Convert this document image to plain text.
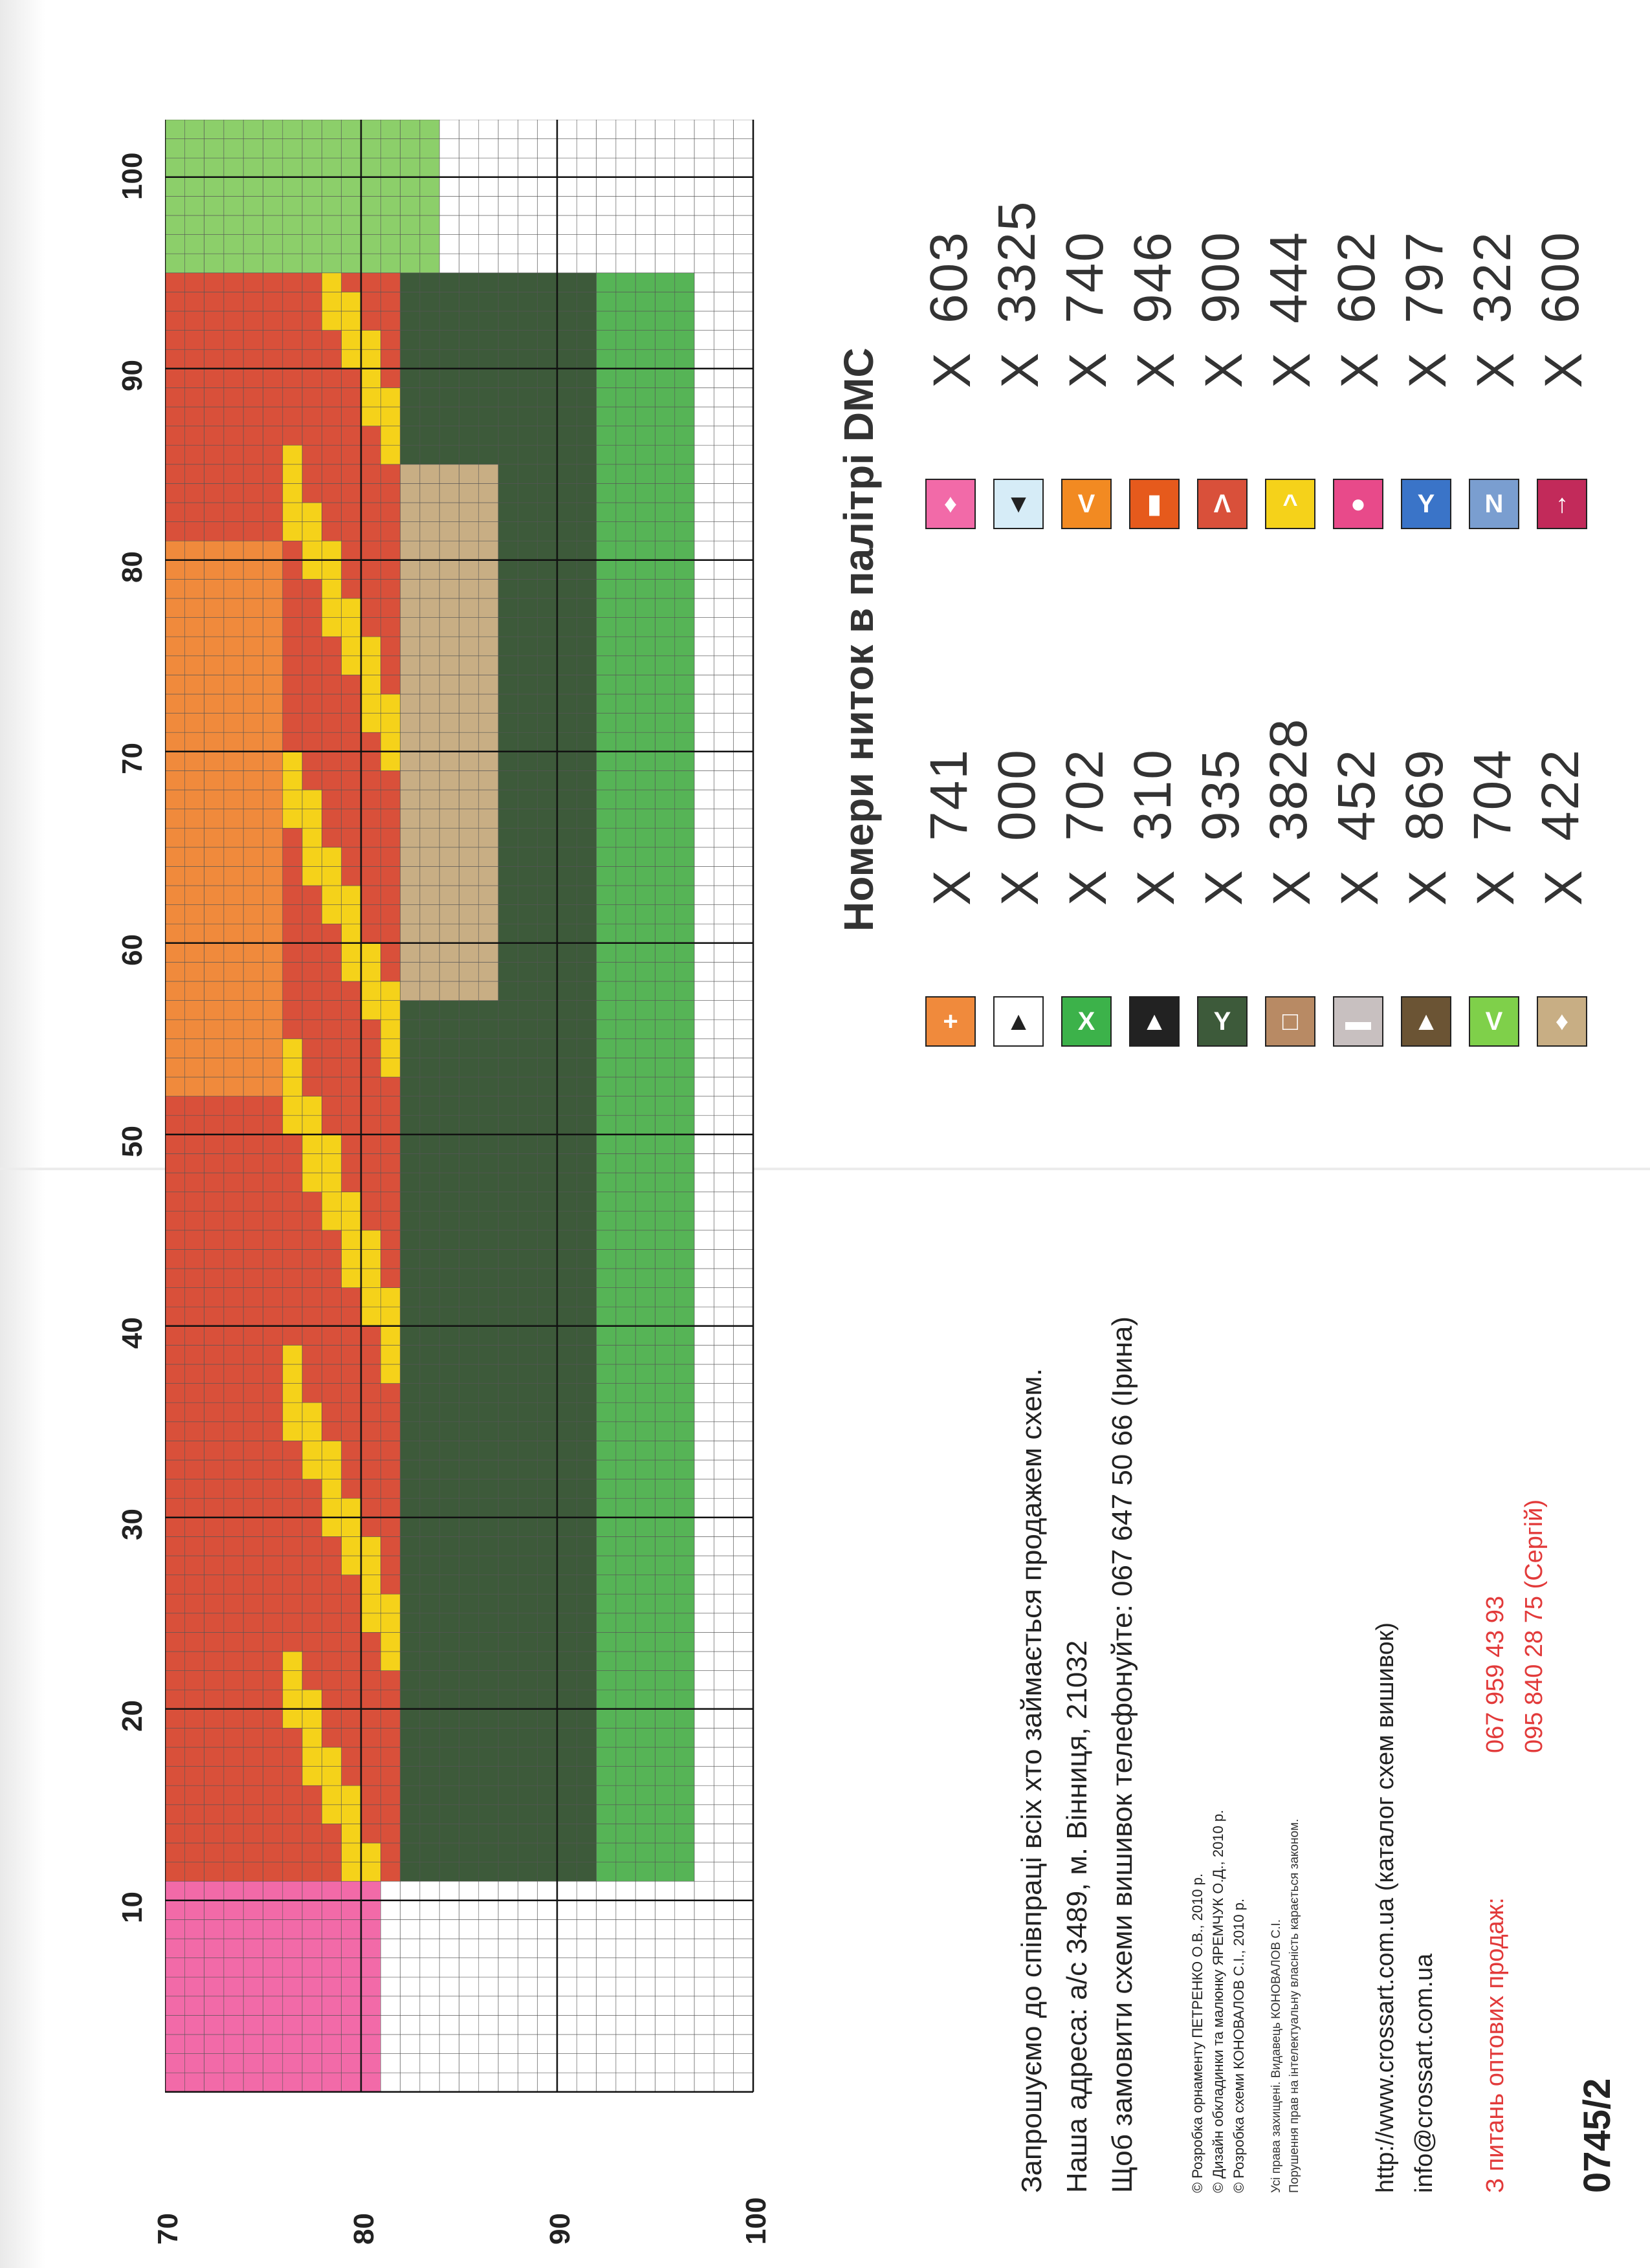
10
20
30
40
50
60
70
80
90
100
70	80	90	100
Номери ниток в палітрі DMC
+
X
741
▲
X
000
X
X
702
▲
X
310
Y
X
935
□
X
3828
▬
X
452
▲
X
869
V
X
704
♦
X
422
♦
X
603
▼
X
3325
V
X
740
▮
X
946
Λ
X
900
^
X
444
●
X
602
Y
X
797
N
X
322
↑
X
600
Запрошуємо до співпраці всіх хто займається продажем схем. Наша адреса: а/с 3489, м. Вінниця, 21032 Щоб замовити схеми вишивок телефонуйте: 067 647 50 66 (Ірина)	© Розробка орнаменту ПЕТРЕНКО О.В., 2010 р. © Дизайн обкладинки та малюнку ЯРЕМЧУК О.Д., 2010 р. © Розробка схеми КОНОВАЛОВ С.І., 2010 р. Усі права захищені. Видавець КОНОВАЛОВ С.І. Порушення прав на інтелектуальну власність карається законом.	http://www.crossart.com.ua (каталог схем вишивок) info@crossart.com.ua З питань оптових продаж:
067 959 43 93 095 840 28 75 (Сергій)
0745/2
